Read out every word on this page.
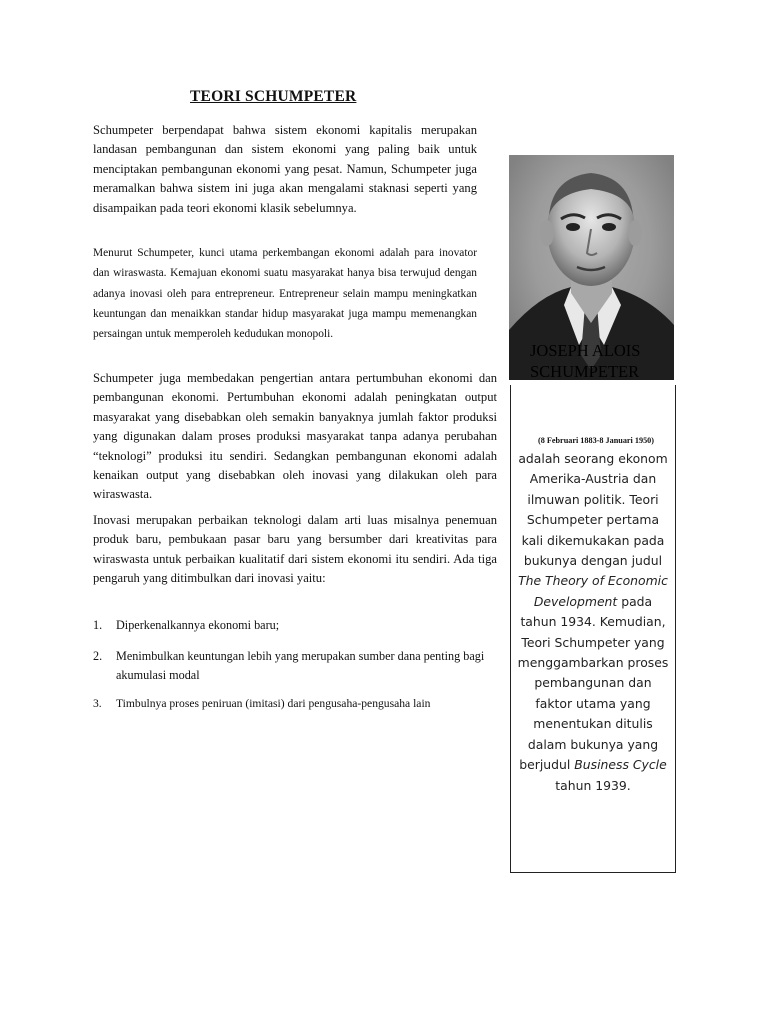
TEORI SCHUMPETER

Schumpeter berpendapat bahwa sistem ekonomi kapitalis merupakan landasan pembangunan dan sistem ekonomi yang paling baik untuk menciptakan pembangunan ekonomi yang pesat. Namun, Schumpeter juga meramalkan bahwa sistem ini juga akan mengalami staknasi seperti yang disampaikan pada teori ekonomi klasik sebelumnya.

Menurut Schumpeter, kunci utama perkembangan ekonomi adalah para inovator dan wiraswasta. Kemajuan ekonomi suatu masyarakat hanya bisa terwujud dengan adanya inovasi oleh para entrepreneur. Entrepreneur selain mampu meningkatkan keuntungan dan menaikkan standar hidup masyarakat juga mampu memenangkan persaingan untuk memperoleh kedudukan monopoli.

Schumpeter juga membedakan pengertian antara pertumbuhan ekonomi dan pembangunan ekonomi. Pertumbuhan ekonomi adalah peningkatan output masyarakat yang disebabkan oleh semakin banyaknya jumlah faktor produksi yang digunakan dalam proses produksi masyarakat tanpa adanya perubahan “teknologi” produksi itu sendiri. Sedangkan pembangunan ekonomi adalah kenaikan output yang disebabkan oleh inovasi yang dilakukan oleh para wiraswasta.

Inovasi merupakan perbaikan teknologi dalam arti luas misalnya penemuan produk baru, pembukaan pasar baru yang bersumber dari kreativitas para wiraswasta untuk perbaikan kualitatif dari sistem ekonomi itu sendiri. Ada tiga pengaruh yang ditimbulkan dari inovasi yaitu:

1. Diperkenalkannya ekonomi baru;
2. Menimbulkan keuntungan lebih yang merupakan sumber dana penting bagi akumulasi modal
3. Timbulnya proses peniruan (imitasi) dari pengusaha-pengusaha lain
JOSEPH ALOIS SCHUMPETER
(8 Februari 1883-8 Januari 1950)
adalah seorang ekonom Amerika-Austria dan ilmuwan politik. Teori Schumpeter pertama kali dikemukakan pada bukunya dengan judul The Theory of Economic Development pada tahun 1934. Kemudian, Teori Schumpeter yang menggambarkan proses pembangunan dan faktor utama yang menentukan ditulis dalam bukunya yang berjudul Business Cycle tahun 1939.
